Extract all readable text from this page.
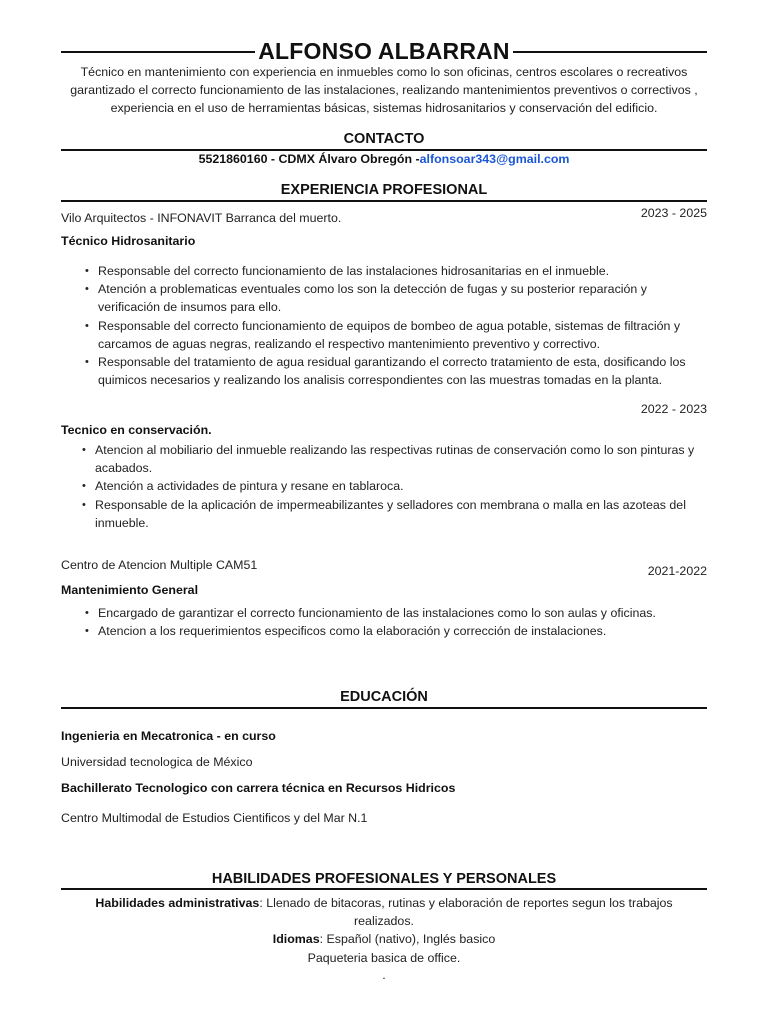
ALFONSO ALBARRAN
Técnico en mantenimiento con experiencia en inmuebles como lo son oficinas, centros escolares o recreativos garantizado el correcto funcionamiento de las instalaciones, realizando mantenimientos preventivos o correctivos , experiencia en el uso de herramientas básicas, sistemas hidrosanitarios y conservación del edificio.
CONTACTO
5521860160 - CDMX Álvaro Obregón -alfonsoar343@gmail.com
EXPERIENCIA PROFESIONAL
Vilo Arquitectos - INFONAVIT Barranca del muerto.	2023 - 2025
Técnico Hidrosanitario
• Responsable del correcto funcionamiento de las instalaciones hidrosanitarias en el inmueble.
• Atención a problematicas eventuales como los son la detección de fugas y su posterior reparación y verificación de insumos para ello.
• Responsable del correcto funcionamiento de equipos de bombeo de agua potable, sistemas de filtración y carcamos de aguas negras, realizando el respectivo mantenimiento preventivo y correctivo.
• Responsable del tratamiento de agua residual garantizando el correcto tratamiento de esta, dosificando los quimicos necesarios y realizando los analisis correspondientes con las muestras tomadas en la planta.
2022 - 2023
Tecnico en conservación.
• Atencion al mobiliario del inmueble realizando las respectivas rutinas de conservación como lo son pinturas y acabados.
• Atención a actividades de pintura y resane en tablaroca.
• Responsable de la aplicación de impermeabilizantes y selladores con membrana o malla en las azoteas del inmueble.
Centro de Atencion Multiple CAM51	2021-2022
Mantenimiento General
• Encargado de garantizar el correcto funcionamiento de las instalaciones como lo son aulas y oficinas.
• Atencion a los requerimientos especificos como la elaboración y corrección de instalaciones.
EDUCACIÓN
Ingenieria en Mecatronica - en curso
Universidad tecnologica de México
Bachillerato Tecnologico con carrera técnica en Recursos Hidricos
Centro Multimodal de Estudios Cientificos y del Mar N.1
HABILIDADES PROFESIONALES Y PERSONALES
Habilidades administrativas: Llenado de bitacoras, rutinas y elaboración de reportes segun los trabajos realizados.
Idiomas: Español (nativo), Inglés basico
Paqueteria basica de office.
.
